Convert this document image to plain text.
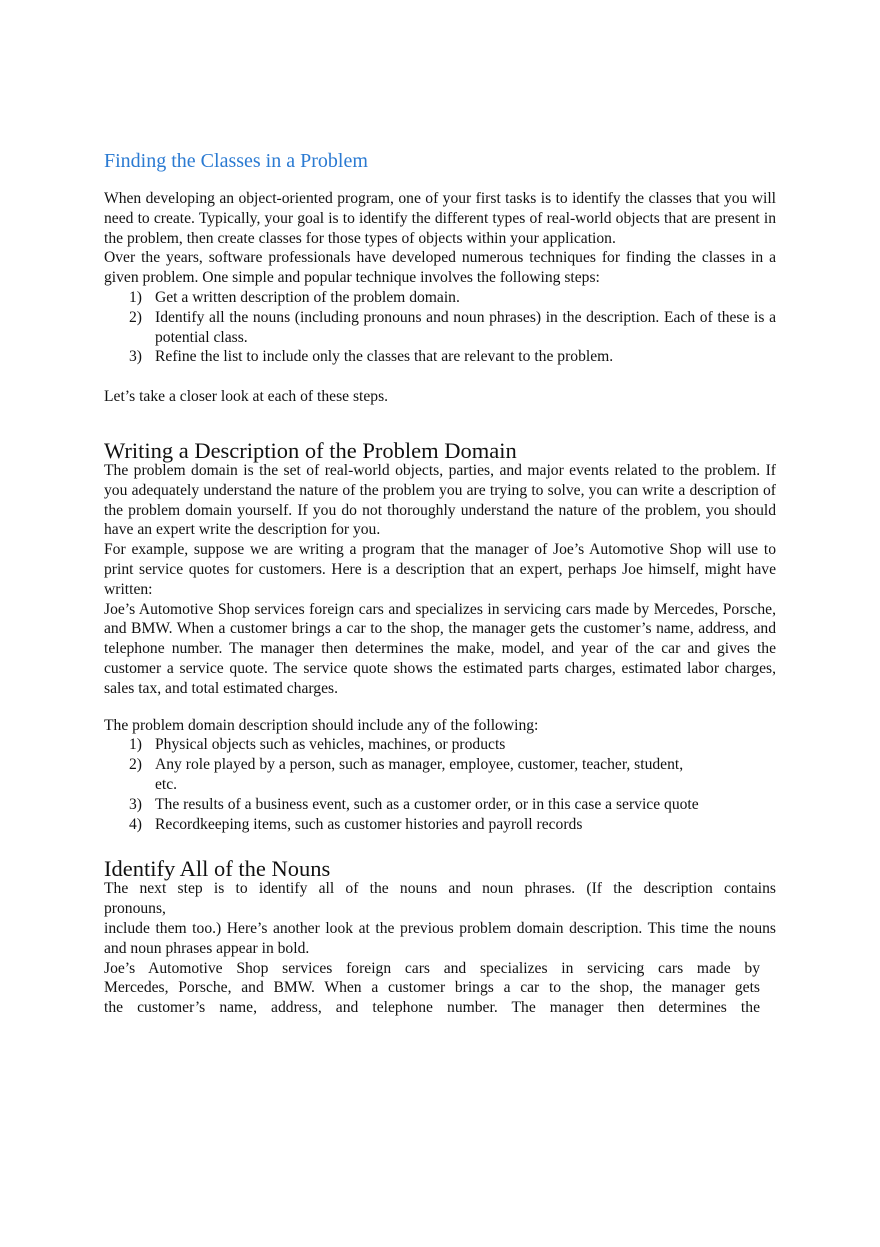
Finding the Classes in a Problem

When developing an object-oriented program, one of your first tasks is to identify the classes that you will need to create. Typically, your goal is to identify the different types of real-world objects that are present in the problem, then create classes for those types of objects within your application.

Over the years, software professionals have developed numerous techniques for finding the classes in a given problem. One simple and popular technique involves the following steps:

1) Get a written description of the problem domain.
2) Identify all the nouns (including pronouns and noun phrases) in the description. Each of these is a potential class.
3) Refine the list to include only the classes that are relevant to the problem.

Let’s take a closer look at each of these steps.

Writing a Description of the Problem Domain

The problem domain is the set of real-world objects, parties, and major events related to the problem. If you adequately understand the nature of the problem you are trying to solve, you can write a description of the problem domain yourself. If you do not thoroughly understand the nature of the problem, you should have an expert write the description for you.

For example, suppose we are writing a program that the manager of Joe’s Automotive Shop will use to print service quotes for customers. Here is a description that an expert, perhaps Joe himself, might have written:

Joe’s Automotive Shop services foreign cars and specializes in servicing cars made by Mercedes, Porsche, and BMW. When a customer brings a car to the shop, the manager gets the customer’s name, address, and telephone number. The manager then determines the make, model, and year of the car and gives the customer a service quote. The service quote shows the estimated parts charges, estimated labor charges, sales tax, and total estimated charges.

The problem domain description should include any of the following:

1) Physical objects such as vehicles, machines, or products
2) Any role played by a person, such as manager, employee, customer, teacher, student,
etc.
3) The results of a business event, such as a customer order, or in this case a service quote
4) Recordkeeping items, such as customer histories and payroll records
Identify All of the Nouns

The next step is to identify all of the nouns and noun phrases. (If the description contains
pronouns,

include them too.) Here’s another look at the previous problem domain description. This time the nouns and noun phrases appear in bold.

Joe’s Automotive Shop services foreign cars and specializes in servicing cars made by
Mercedes, Porsche, and BMW. When a customer brings a car to the shop, the manager gets
the customer’s name, address, and telephone number. The manager then determines the
